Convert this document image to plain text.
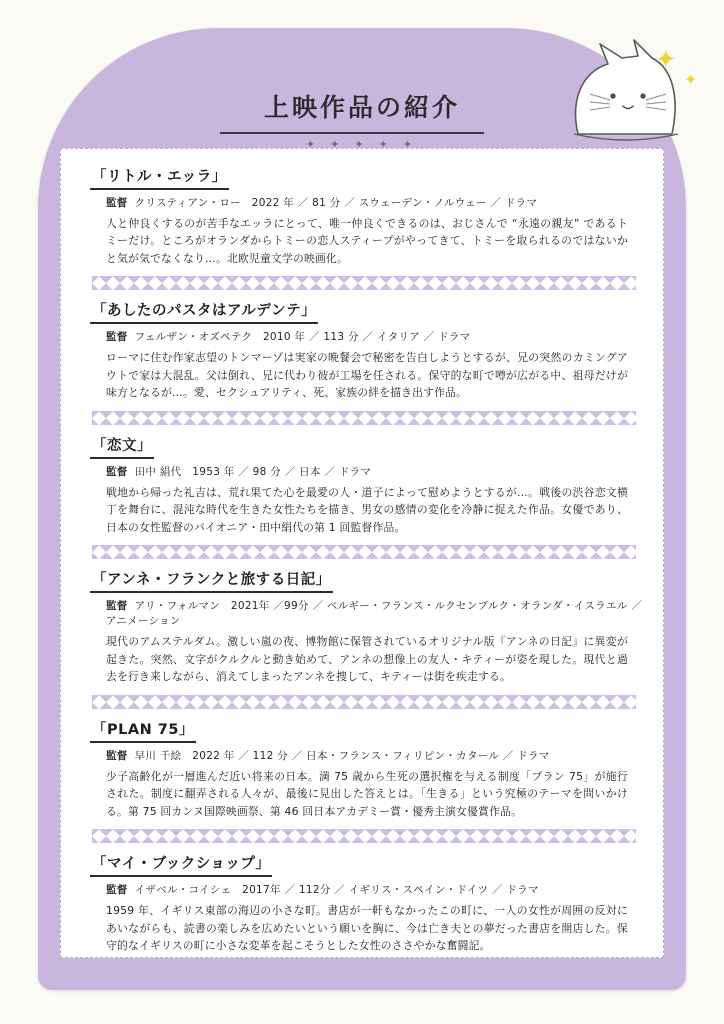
✦
✦
上映作品の紹介
✦ ✦ ✦ ✦ ✦
「リトル・エッラ」
監督 クリスティアン・ロー　2022 年 ／ 81 分 ／ スウェーデン・ノルウェー ／ ドラマ
人と仲良くするのが苦手なエッラにとって、唯一仲良くできるのは、おじさんで “永遠の親友” であるトミーだけ。ところがオランダからトミーの恋人スティープがやってきて、トミーを取られるのではないかと気が気でなくなり…。北欧児童文学の映画化。
「あしたのパスタはアルデンテ」
監督 フェルザン・オズペテク　2010 年 ／ 113 分 ／ イタリア ／ ドラマ
ローマに住む作家志望のトンマーゾは実家の晩餐会で秘密を告白しようとするが、兄の突然のカミングアウトで家は大混乱。父は倒れ、兄に代わり彼が工場を任される。保守的な町で噂が広がる中、祖母だけが味方となるが…。愛、セクシュアリティ、死、家族の絆を描き出す作品。
「恋文」
監督 田中 絹代　1953 年 ／ 98 分 ／ 日本 ／ ドラマ
戦地から帰った礼吉は、荒れ果てた心を最愛の人・道子によって慰めようとするが…。戦後の渋谷恋文横丁を舞台に、混沌な時代を生きた女性たちを描き、男女の感情の変化を冷静に捉えた作品。女優であり、日本の女性監督のパイオニア・田中絹代の第 1 回監督作品。
「アンネ・フランクと旅する日記」
監督 アリ・フォルマン　2021年 ／99分 ／ ベルギー・フランス・ルクセンブルク・オランダ・イスラエル ／ アニメーション
現代のアムステルダム。激しい嵐の夜、博物館に保管されているオリジナル版『アンネの日記』に異変が起きた。突然、文字がクルクルと動き始めて、アンネの想像上の友人・キティーが姿を現した。現代と過去を行き来しながら、消えてしまったアンネを捜して、キティーは街を疾走する。
「PLAN 75」
監督 早川 千絵　2022 年 ／ 112 分 ／ 日本・フランス・フィリピン・カタール ／ ドラマ
少子高齢化が一層進んだ近い将来の日本。満 75 歳から生死の選択権を与える制度「プラン 75」が施行された。制度に翻弄される人々が、最後に見出した答えとは。「生きる」という究極のテーマを問いかける。第 75 回カンヌ国際映画祭、第 46 回日本アカデミー賞・優秀主演女優賞作品。
「マイ・ブックショップ」
監督 イザベル・コイシェ　2017年 ／ 112分 ／ イギリス・スペイン・ドイツ ／ ドラマ
1959 年、イギリス東部の海辺の小さな町。書店が一軒もなかったこの町に、一人の女性が周囲の反対にあいながらも、読書の楽しみを広めたいという願いを胸に、今は亡き夫との夢だった書店を開店した。保守的なイギリスの町に小さな変革を起こそうとした女性のささやかな奮闘記。
